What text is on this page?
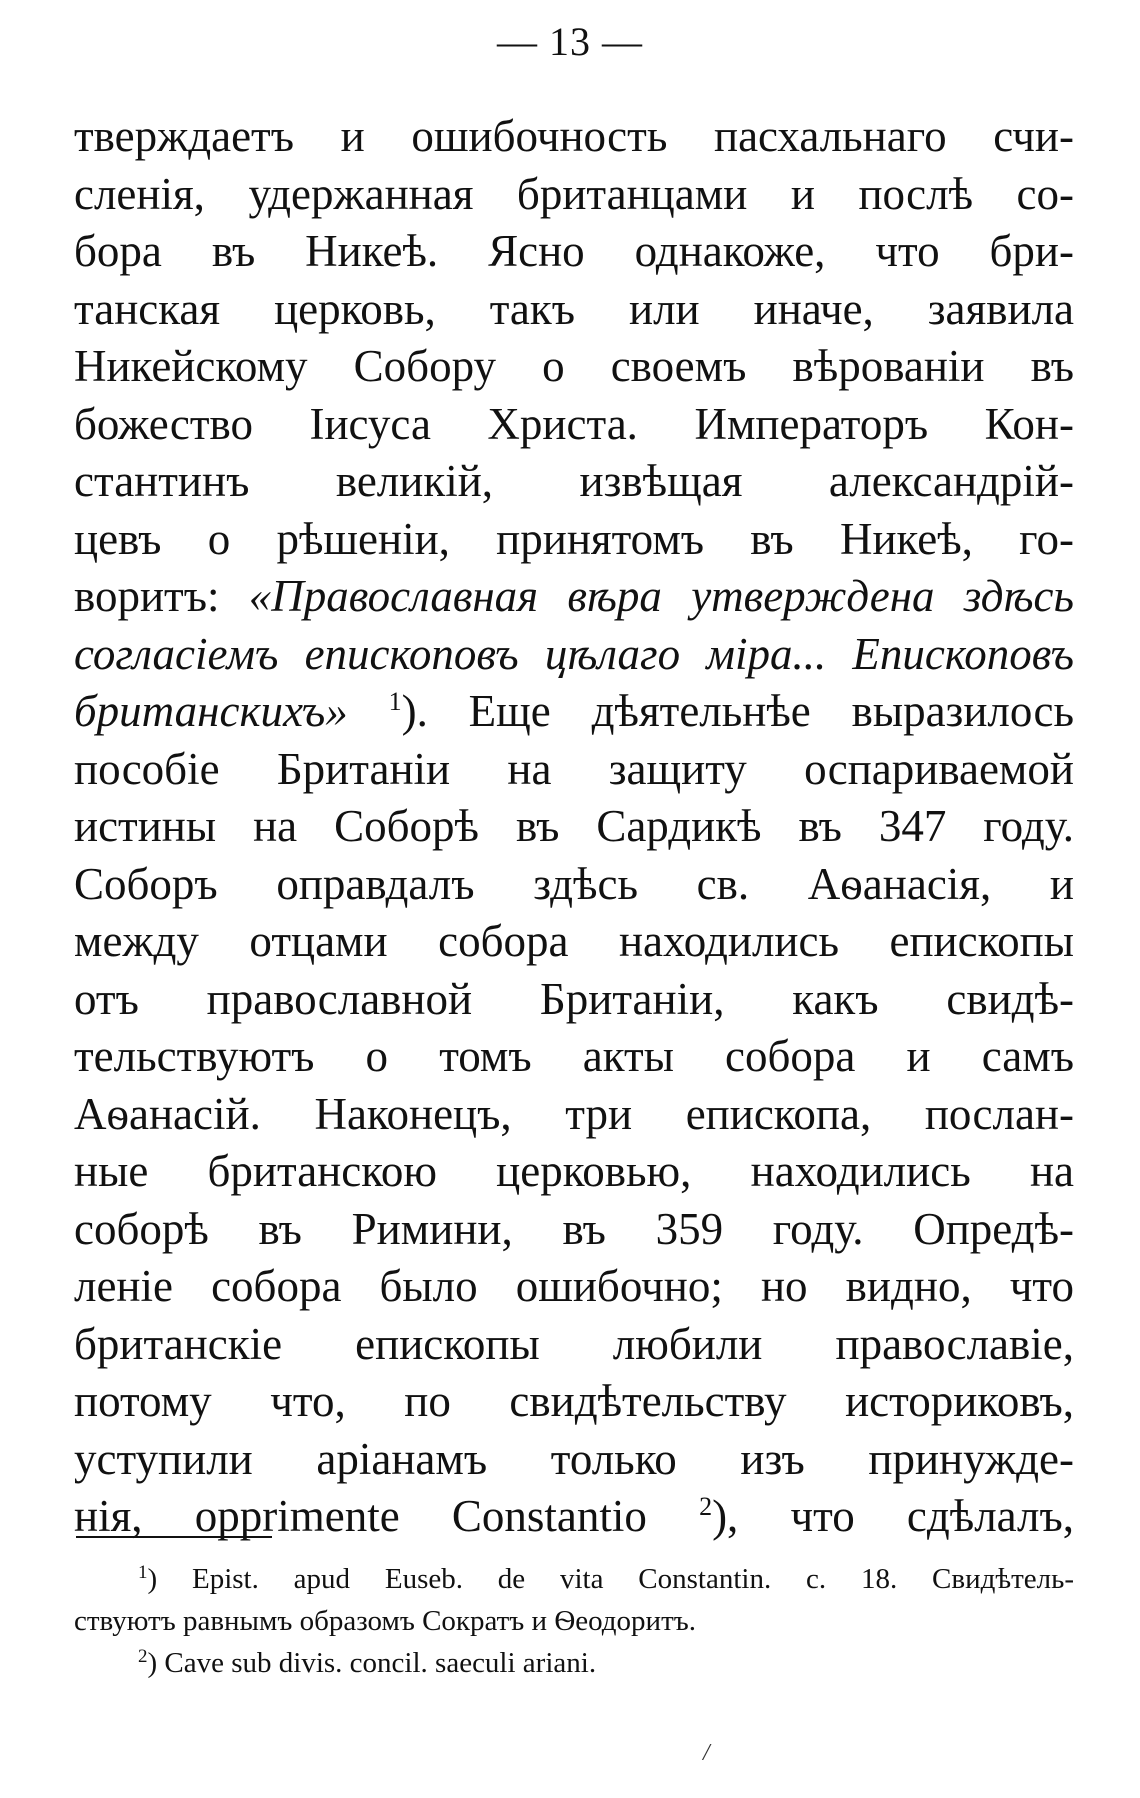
— 13 —
тверждаетъ и ошибочность пасхальнаго счи-
сленія, удержанная британцами и послѣ со-
бора въ Никеѣ. Ясно однакоже, что бри-
танская церковь, такъ или иначе, заявила
Никейскому Собору о своемъ вѣрованіи въ
божество Іисуса Христа. Императоръ Кон-
стантинъ великій, извѣщая александрій-
цевъ о рѣшеніи, принятомъ въ Никеѣ, го-
воритъ: «Православная вѣра утверждена здѣсь
согласіемъ епископовъ цѣлаго міра... Епископовъ
британскихъ» $^1$). Еще дѣятельнѣе выразилось
пособіе Британіи на защиту оспариваемой
истины на Соборѣ въ Сардикѣ въ 347 году.
Соборъ оправдалъ здѣсь св. Аѳанасія, и
между отцами собора находились епископы
отъ православной Британіи, какъ свидѣ-
тельствуютъ о томъ акты собора и самъ
Аѳанасій. Наконецъ, три епископа, послан-
ные британскою церковью, находились на
соборѣ въ Римини, въ 359 году. Опредѣ-
леніе собора было ошибочно; но видно, что
британскіе епископы любили православіе,
потому что, по свидѣтельству историковъ,
уступили аріанамъ только изъ принужде-
нія, opprimente Constantio $^2$), что сдѣлалъ,
$^1$) Epist. apud Euseb. de vita Constantin. c. 18. Свидѣтель-
ствуютъ равнымъ образомъ Сократъ и Ѳеодоритъ.
$^2$) Cave sub divis. concil. saeculi ariani.
/
